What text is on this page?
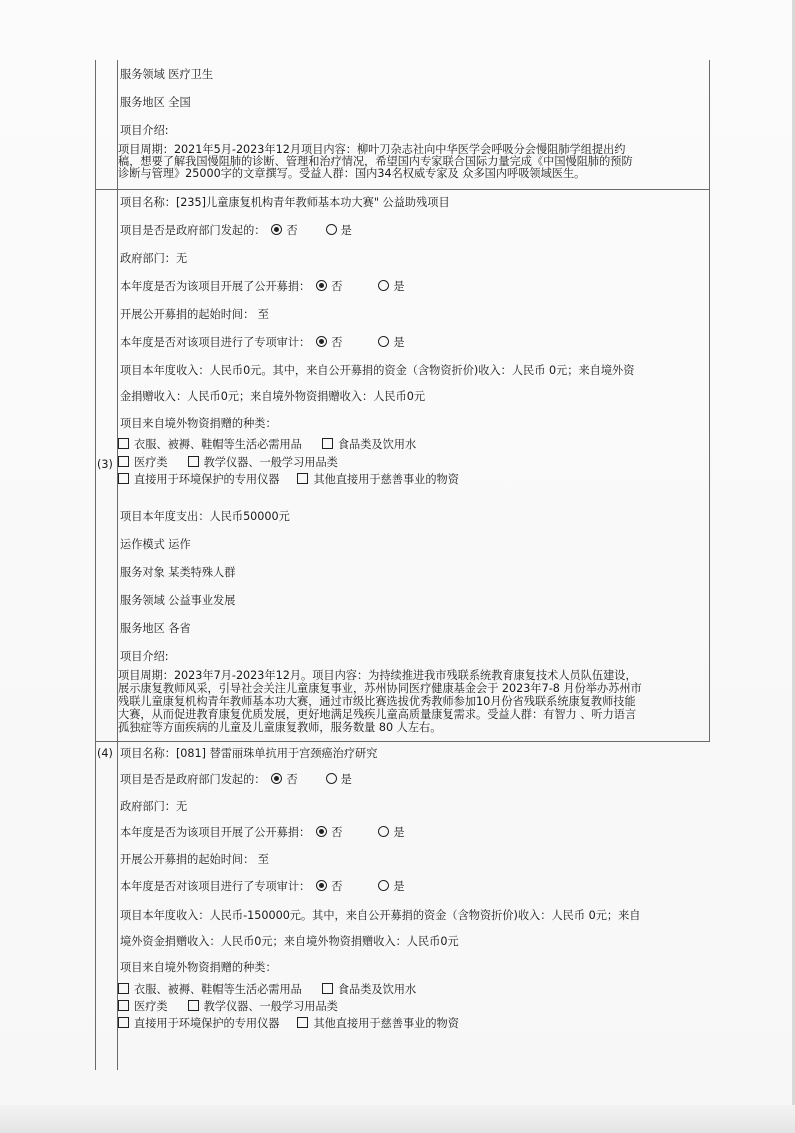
服务领域 医疗卫生
服务地区 全国
项目介绍:
项目周期：2021年5月-2023年12月项目内容：柳叶刀杂志社向中华医学会呼吸分会慢阻肺学组提出约
稿，想要了解我国慢阻肺的诊断、管理和治疗情况，希望国内专家联合国际力量完成《中国慢阻肺的预防
诊断与管理》25000字的文章撰写。受益人群：国内34名权威专家及 众多国内呼吸领域医生。
(3)
项目名称：[235]儿童康复机构青年教师基本功大赛" 公益助残项目
项目是否是政府部门发起的： 否	是
政府部门：无
本年度是否为该项目开展了公开募捐： 否	是
开展公开募捐的起始时间： 至
本年度是否对该项目进行了专项审计： 否	是
项目本年度收入：人民币0元。其中，来自公开募捐的资金（含物资折价)收入：人民币 0元；来自境外资
金捐赠收入：人民币0元；来自境外物资捐赠收入：人民币0元
项目来自境外物资捐赠的种类：
衣服、被褥、鞋帽等生活必需用品	食品类及饮用水
医疗类	教学仪器、一般学习用品类
直接用于环境保护的专用仪器	其他直接用于慈善事业的物资
项目本年度支出：人民币50000元
运作模式 运作
服务对象 某类特殊人群
服务领域 公益事业发展
服务地区 各省
项目介绍:
项目周期：2023年7月-2023年12月。项目内容：为持续推进我市残联系统教育康复技术人员队伍建设，
展示康复教师风采，引导社会关注儿童康复事业，苏州协同医疗健康基金会于 2023年7-8 月份举办苏州市
残联儿童康复机构青年教师基本功大赛，通过市级比赛选拔优秀教师参加10月份省残联系统康复教师技能
大赛，从而促进教育康复优质发展，更好地满足残疾儿童高质量康复需求。受益人群：有智力 、听力语言
孤独症等方面疾病的儿童及儿童康复教师，服务数量 80 人左右。
(4) 项目名称：[081] 替雷丽珠单抗用于宫颈癌治疗研究
项目是否是政府部门发起的： 否	是
政府部门：无
本年度是否为该项目开展了公开募捐： 否	是
开展公开募捐的起始时间： 至
本年度是否对该项目进行了专项审计： 否	是
项目本年度收入：人民币-150000元。其中，来自公开募捐的资金（含物资折价)收入：人民币 0元；来自
境外资金捐赠收入：人民币0元；来自境外物资捐赠收入：人民币0元
项目来自境外物资捐赠的种类：
衣服、被褥、鞋帽等生活必需用品	食品类及饮用水
医疗类	教学仪器、一般学习用品类
直接用于环境保护的专用仪器	其他直接用于慈善事业的物资
